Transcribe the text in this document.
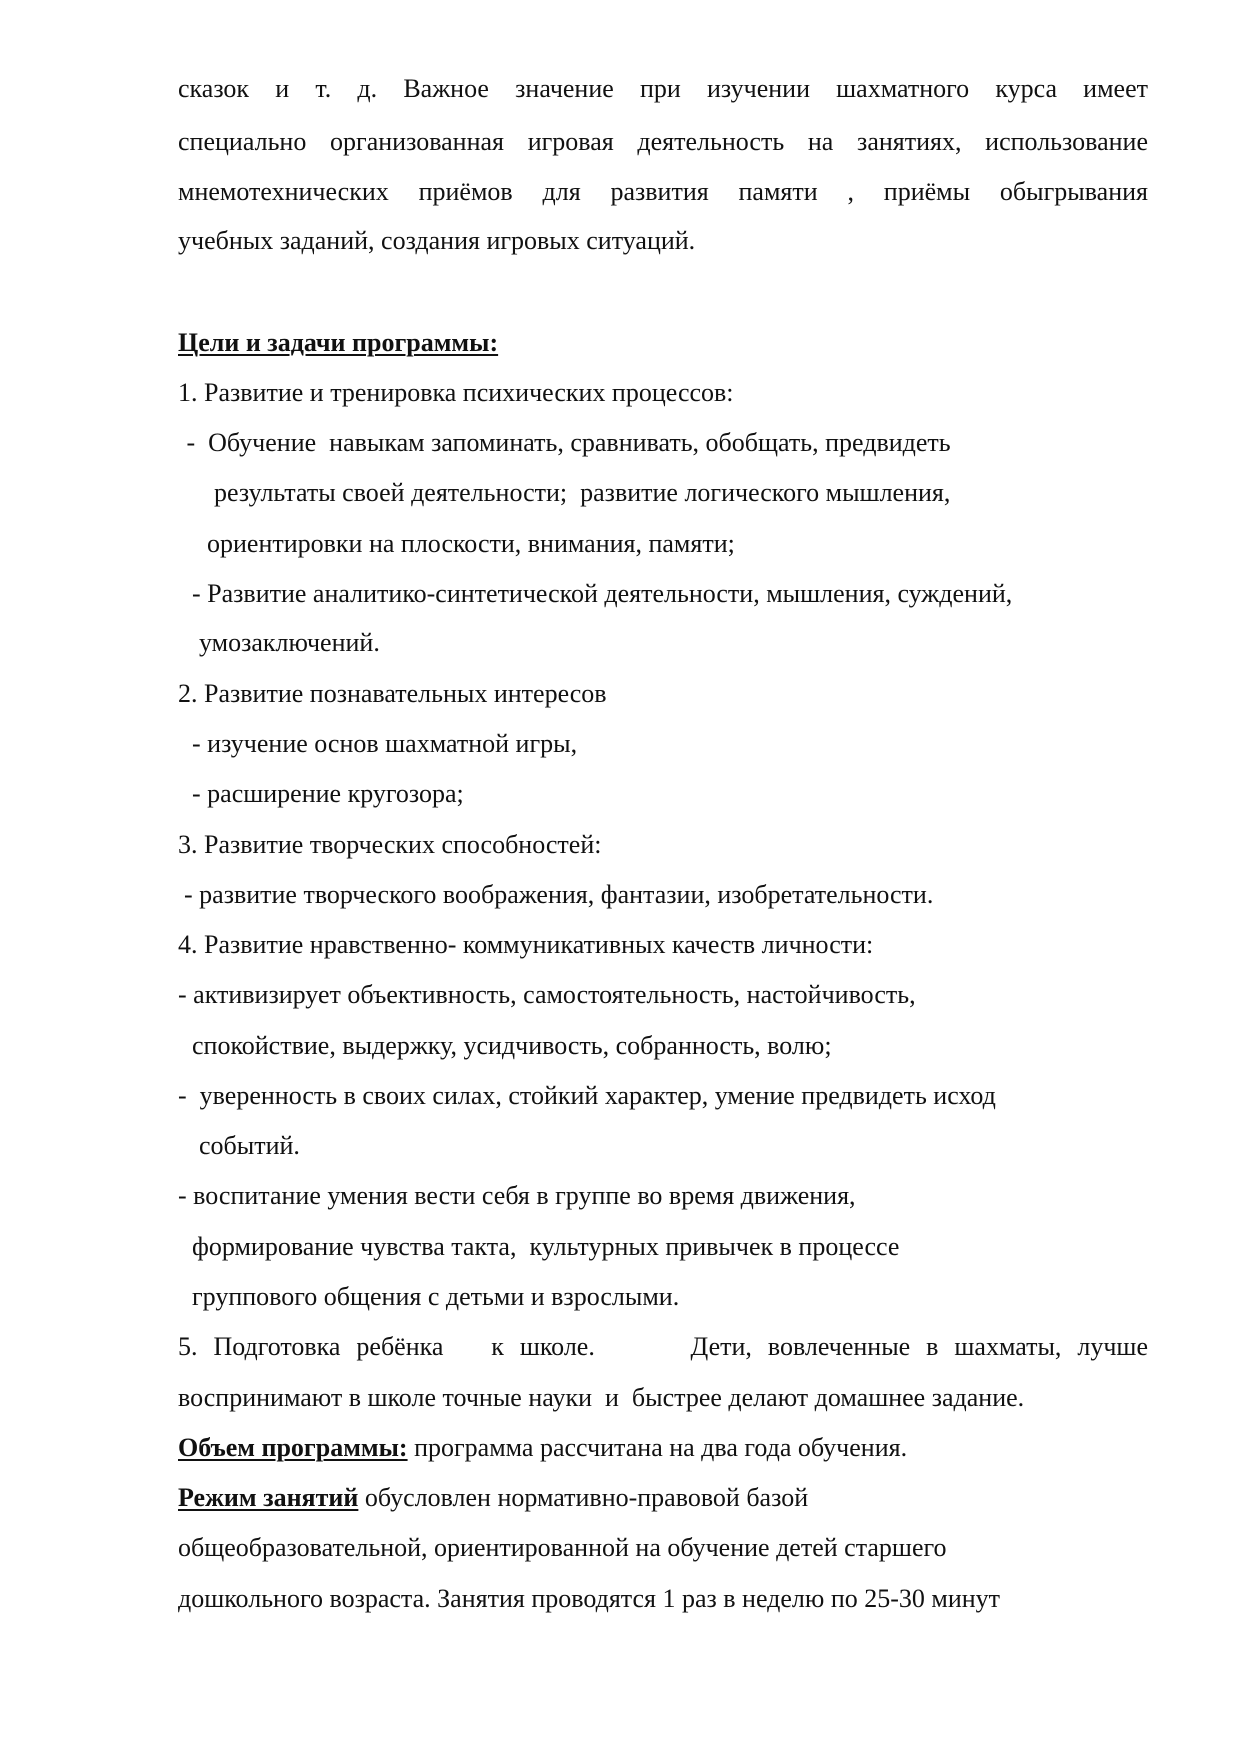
сказок и т. д. Важное значение при изучении шахматного курса имеет
специально организованная игровая деятельность на занятиях, использование
мнемотехнических приёмов для развития памяти , приёмы обыгрывания
учебных заданий, создания игровых ситуаций.
Цели и задачи программы:
1. Развитие и тренировка психических процессов:
-  Обучение  навыкам запоминать, сравнивать, обобщать, предвидеть
результаты своей деятельности;  развитие логического мышления,
ориентировки на плоскости, внимания, памяти;
- Развитие аналитико-синтетической деятельности, мышления, суждений,
умозаключений.
2. Развитие познавательных интересов
- изучение основ шахматной игры,
- расширение кругозора;
3. Развитие творческих способностей:
- развитие творческого воображения, фантазии, изобретательности.
4. Развитие нравственно- коммуникативных качеств личности:
- активизирует объективность, самостоятельность, настойчивость,
спокойствие, выдержку, усидчивость, собранность, волю;
-  уверенность в своих силах, стойкий характер, умение предвидеть исход
событий.
- воспитание умения вести себя в группе во время движения,
формирование чувства такта,  культурных привычек в процессе
группового общения с детьми и взрослыми.
5. Подготовка ребёнка   к школе.      Дети, вовлеченные в шахматы, лучше
воспринимают в школе точные науки  и  быстрее делают домашнее задание.
Объем программы: программа рассчитана на два года обучения.
Режим занятий обусловлен нормативно-правовой базой
общеобразовательной, ориентированной на обучение детей старшего
дошкольного возраста. Занятия проводятся 1 раз в неделю по 25-30 минут
